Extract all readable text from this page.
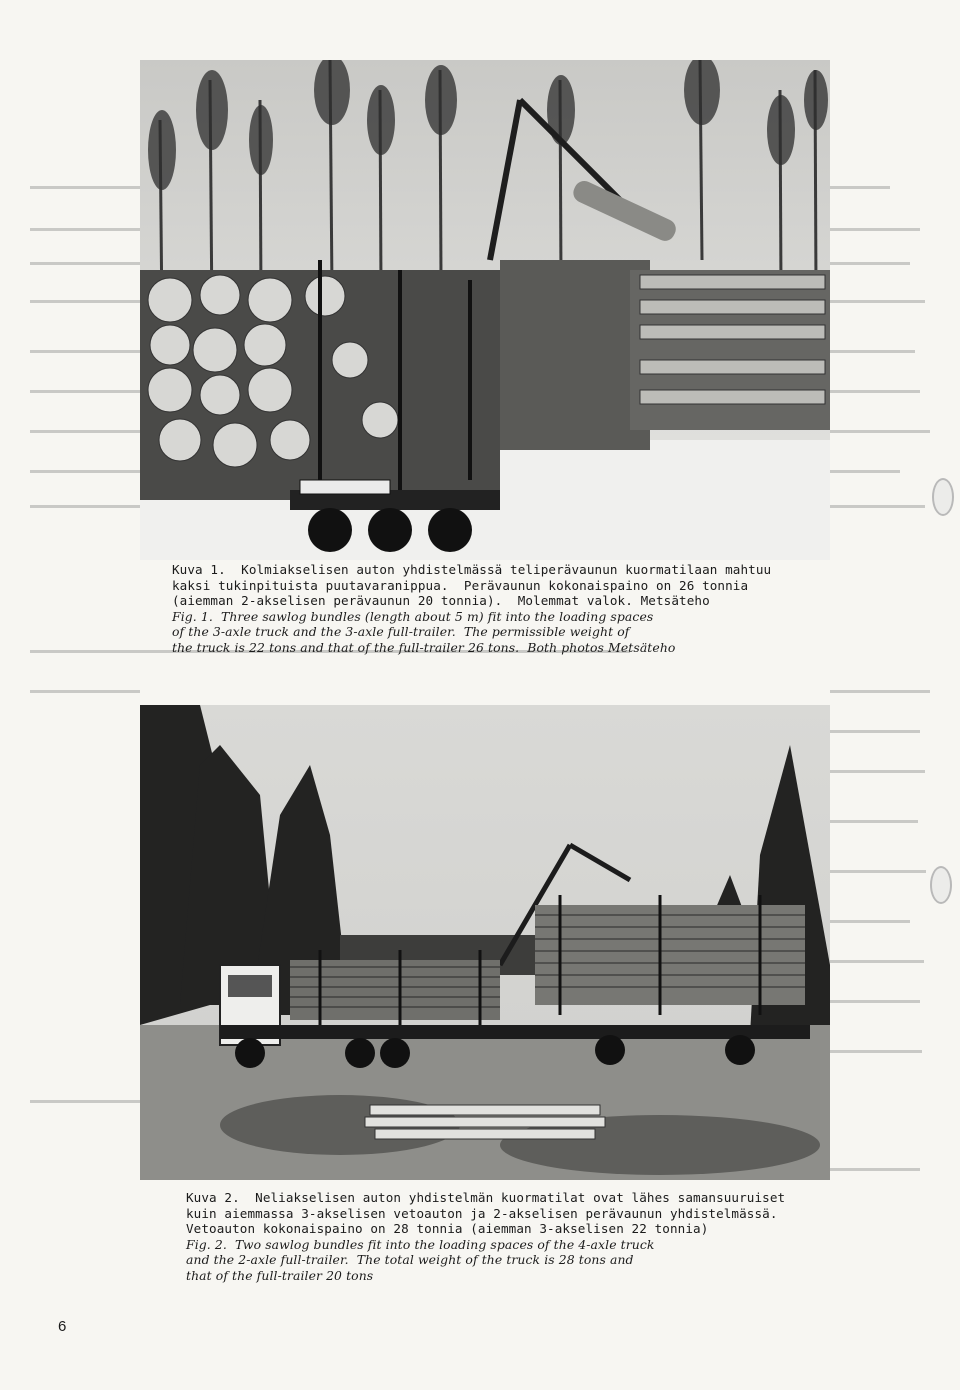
Kuva 1.  Kolmiakselisen auton yhdistelmässä teliperävaunun kuormatilaan mahtuu
kaksi tukinpituista puutavaranippua.  Perävaunun kokonaispaino on 26 tonnia
(aiemman 2-akselisen perävaunun 20 tonnia).  Molemmat valok. Metsäteho
Fig. 1.  Three sawlog bundles (length about 5 m) fit into the loading spaces
of the 3-axle truck and the 3-axle full-trailer.  The permissible weight of
the truck is 22 tons and that of the full-trailer 26 tons.  Both photos Metsäteho
Kuva 2.  Neliakselisen auton yhdistelmän kuormatilat ovat lähes samansuuruiset
kuin aiemmassa 3-akselisen vetoauton ja 2-akselisen perävaunun yhdistelmässä.
Vetoauton kokonaispaino on 28 tonnia (aiemman 3-akselisen 22 tonnia)
Fig. 2.  Two sawlog bundles fit into the loading spaces of the 4-axle truck
and the 2-axle full-trailer.  The total weight of the truck is 28 tons and
that of the full-trailer 20 tons
6
